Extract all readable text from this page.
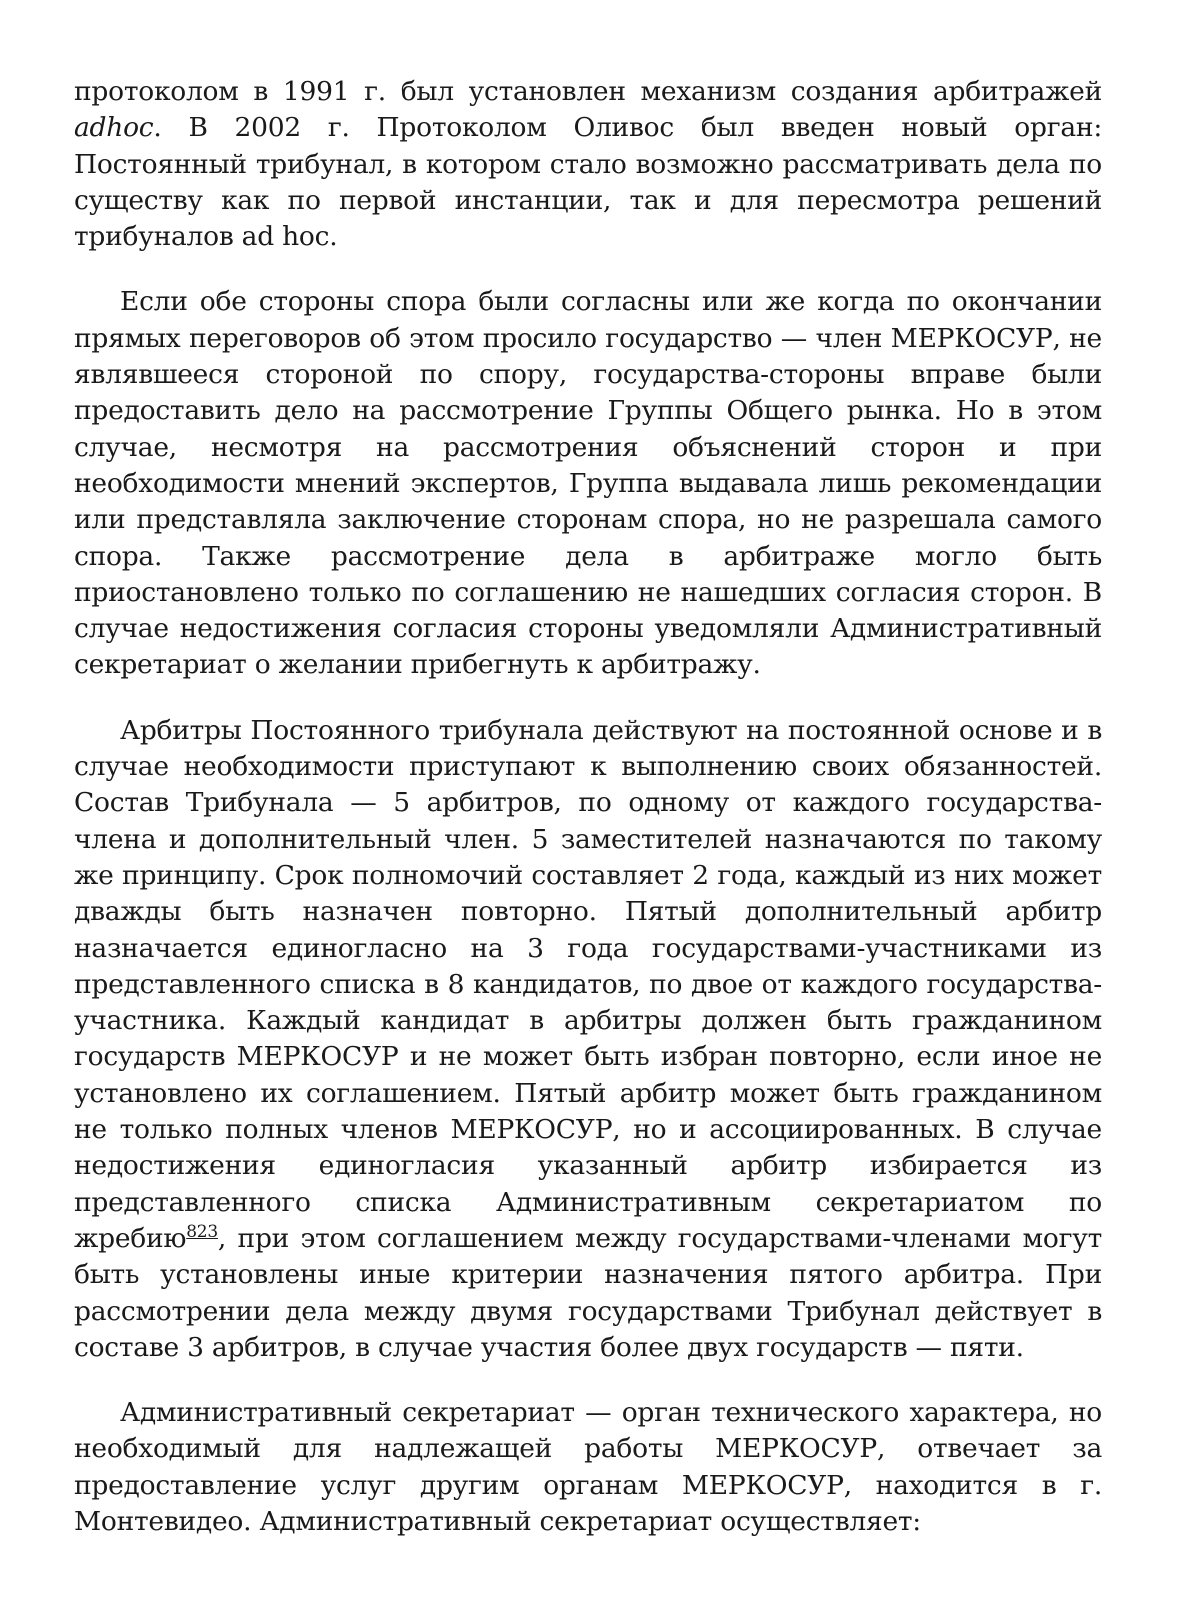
протоколом в 1991 г. был установлен механизм создания арбитражей adhoc. В 2002 г. Протоколом Оливос был введен новый орган: Постоянный трибунал, в котором стало возможно рассматривать дела по существу как по первой инстанции, так и для пересмотра решений трибуналов ad hoc.

Если обе стороны спора были согласны или же когда по окончании прямых переговоров об этом просило государство — член МЕРКОСУР, не являвшееся стороной по спору, государства-стороны вправе были предоставить дело на рассмотрение Группы Общего рынка. Но в этом случае, несмотря на рассмотрения объяснений сторон и при необходимости мнений экспертов, Группа выдавала лишь рекомендации или представляла заключение сторонам спора, но не разрешала самого спора. Также рассмотрение дела в арбитраже могло быть приостановлено только по соглашению не нашедших согласия сторон. В случае недостижения согласия стороны уведомляли Административный секретариат о желании прибегнуть к арбитражу.

Арбитры Постоянного трибунала действуют на постоянной основе и в случае необходимости приступают к выполнению своих обязанностей. Состав Трибунала — 5 арбитров, по одному от каждого государства-члена и дополнительный член. 5 заместителей назначаются по такому же принципу. Срок полномочий составляет 2 года, каждый из них может дважды быть назначен повторно. Пятый дополнительный арбитр назначается единогласно на 3 года государствами-участниками из представленного списка в 8 кандидатов, по двое от каждого государства-участника. Каждый кандидат в арбитры должен быть гражданином государств МЕРКОСУР и не может быть избран повторно, если иное не установлено их соглашением. Пятый арбитр может быть гражданином не только полных членов МЕРКОСУР, но и ассоциированных. В случае недостижения единогласия указанный арбитр избирается из представленного списка Административным секретариатом по жребию$^{823}$, при этом соглашением между государствами-членами могут быть установлены иные критерии назначения пятого арбитра. При рассмотрении дела между двумя государствами Трибунал действует в составе 3 арбитров, в случае участия более двух государств — пяти.

Административный секретариат — орган технического характера, но необходимый для надлежащей работы МЕРКОСУР, отвечает за предоставление услуг другим органам МЕРКОСУР, находится в г. Монтевидео. Административный секретариат осуществляет:
